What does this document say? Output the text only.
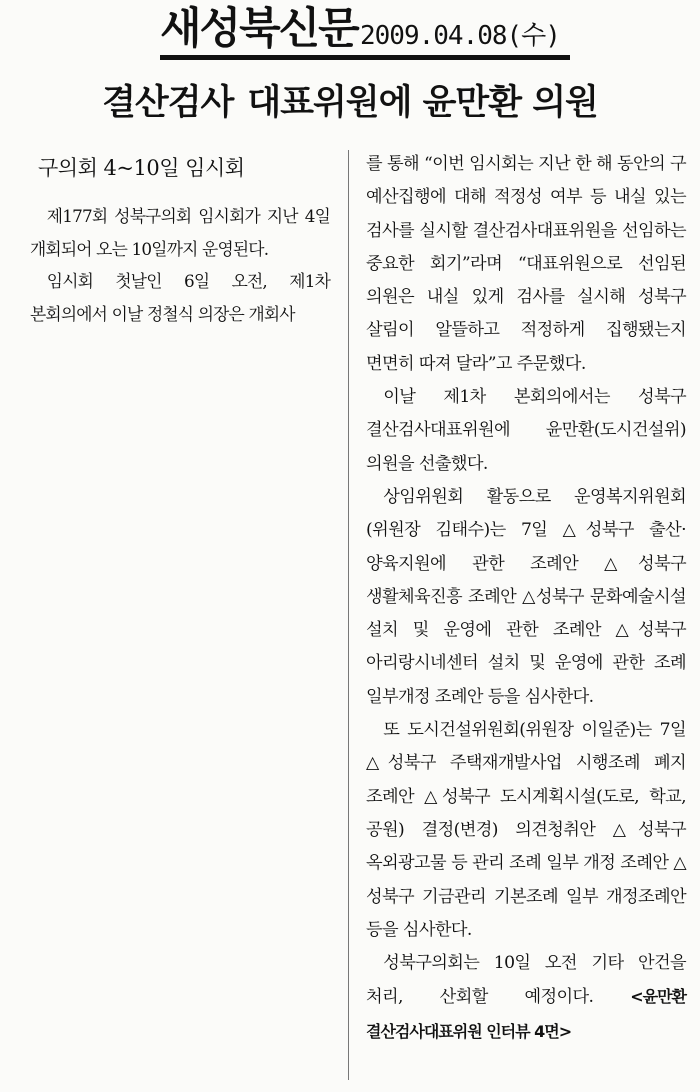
새성북신문 2009.04.08(수)
결산검사 대표위원에 윤만환 의원
구의회 4~10일 임시회

제177회 성북구의회 임시회가 지난 4일 개회되어 오는 10일까지 운영된다.

임시회 첫날인 6일 오전, 제1차 본회의에서 이날 정철식 의장은 개회사

를 통해 “이번 임시회는 지난 한 해 동안의 구 예산집행에 대해 적정성 여부 등 내실 있는 검사를 실시할 결산검사대표위원을 선임하는 중요한 회기”라며 “대표위원으로 선임된 의원은 내실 있게 검사를 실시해 성북구 살림이 알뜰하고 적정하게 집행됐는지 면면히 따져 달라”고 주문했다.

이날 제1차 본회의에서는 성북구 결산검사대표위원에 윤만환(도시건설위) 의원을 선출했다.

상임위원회 활동으로 운영복지위원회(위원장 김태수)는 7일 △성북구 출산·양육지원에 관한 조례안 △성북구 생활체육진흥 조례안 △성북구 문화예술시설 설치 및 운영에 관한 조례안 △성북구 아리랑시네센터 설치 및 운영에 관한 조례 일부개정 조례안 등을 심사한다.

또 도시건설위원회(위원장 이일준)는 7일 △성북구 주택재개발사업 시행조례 폐지 조례안 △성북구 도시계획시설(도로, 학교, 공원) 결정(변경) 의견청취안 △성북구 옥외광고물 등 관리 조례 일부 개정 조례안 △성북구 기금관리 기본조례 일부 개정조례안 등을 심사한다.

성북구의회는 10일 오전 기타 안건을 처리, 산회할 예정이다. <윤만환 결산검사대표위원 인터뷰 4면>
